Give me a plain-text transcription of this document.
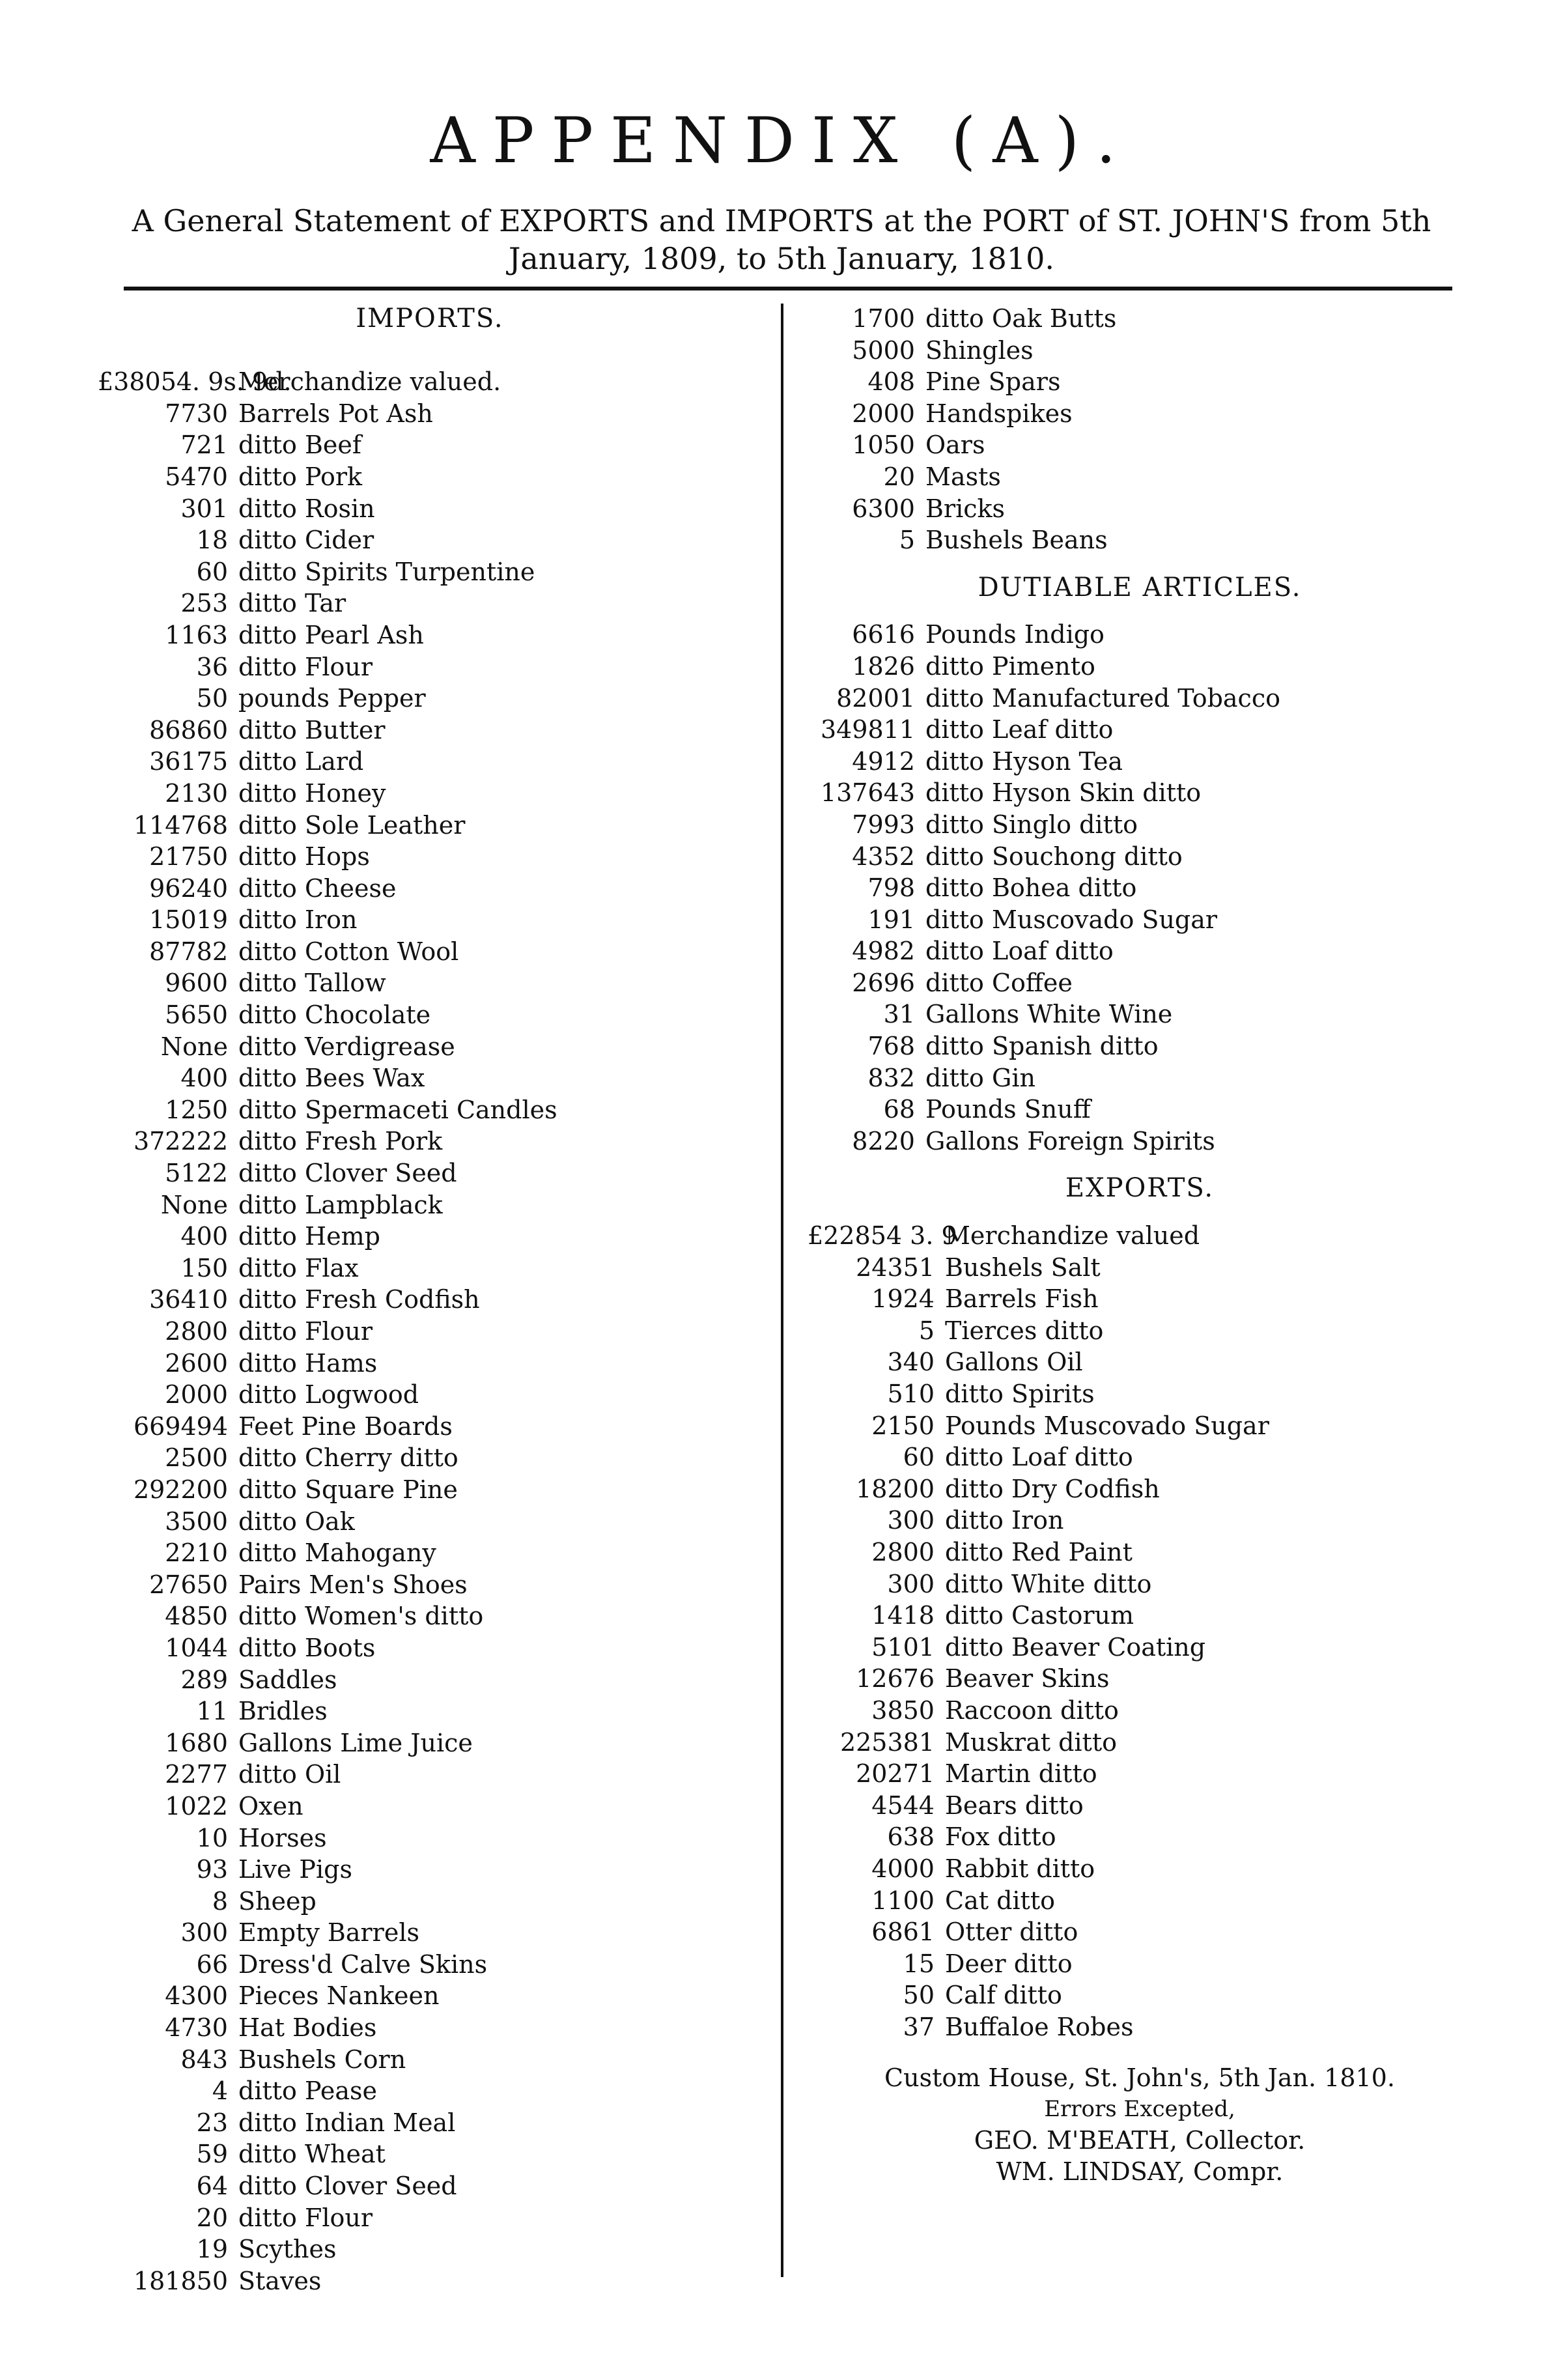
APPENDIX (A).
A General Statement of EXPORTS and IMPORTS at the PORT of ST. JOHN'S from 5th January, 1809, to 5th January, 1810.
IMPORTS.
£38054. 9s. 9d.
Merchandize valued.
7730 Barrels Pot Ash
721 ditto Beef
5470 ditto Pork
301 ditto Rosin
18 ditto Cider
60 ditto Spirits Turpentine
253 ditto Tar
1163 ditto Pearl Ash
36 ditto Flour
50 pounds Pepper
86860 ditto Butter
36175 ditto Lard
2130 ditto Honey
114768 ditto Sole Leather
21750 ditto Hops
96240 ditto Cheese
15019 ditto Iron
87782 ditto Cotton Wool
9600 ditto Tallow
5650 ditto Chocolate
None ditto Verdigrease
400 ditto Bees Wax
1250 ditto Spermaceti Candles
372222 ditto Fresh Pork
5122 ditto Clover Seed
None ditto Lampblack
400 ditto Hemp
150 ditto Flax
36410 ditto Fresh Codfish
2800 ditto Flour
2600 ditto Hams
2000 ditto Logwood
669494 Feet Pine Boards
2500 ditto Cherry ditto
292200 ditto Square Pine
3500 ditto Oak
2210 ditto Mahogany
27650 Pairs Men's Shoes
4850 ditto Women's ditto
1044 ditto Boots
289 Saddles
11 Bridles
1680 Gallons Lime Juice
2277 ditto Oil
1022 Oxen
10 Horses
93 Live Pigs
8 Sheep
300 Empty Barrels
66 Dress'd Calve Skins
4300 Pieces Nankeen
4730 Hat Bodies
843 Bushels Corn
4 ditto Pease
23 ditto Indian Meal
59 ditto Wheat
64 ditto Clover Seed
20 ditto Flour
19 Scythes
181850 Staves
1700 ditto Oak Butts
5000 Shingles
408 Pine Spars
2000 Handspikes
1050 Oars
20 Masts
6300 Bricks
5 Bushels Beans
DUTIABLE ARTICLES.
6616 Pounds Indigo
1826 ditto Pimento
82001 ditto Manufactured Tobacco
349811 ditto Leaf ditto
4912 ditto Hyson Tea
137643 ditto Hyson Skin ditto
7993 ditto Singlo ditto
4352 ditto Souchong ditto
798 ditto Bohea ditto
191 ditto Muscovado Sugar
4982 ditto Loaf ditto
2696 ditto Coffee
31 Gallons White Wine
768 ditto Spanish ditto
832 ditto Gin
68 Pounds Snuff
8220 Gallons Foreign Spirits
EXPORTS.
£22854 3. 9
Merchandize valued
24351 Bushels Salt
1924 Barrels Fish
5 Tierces ditto
340 Gallons Oil
510 ditto Spirits
2150 Pounds Muscovado Sugar
60 ditto Loaf ditto
18200 ditto Dry Codfish
300 ditto Iron
2800 ditto Red Paint
300 ditto White ditto
1418 ditto Castorum
5101 ditto Beaver Coating
12676 Beaver Skins
3850 Raccoon ditto
225381 Muskrat ditto
20271 Martin ditto
4544 Bears ditto
638 Fox ditto
4000 Rabbit ditto
1100 Cat ditto
6861 Otter ditto
15 Deer ditto
50 Calf ditto
37 Buffaloe Robes
Custom House, St. John's, 5th Jan. 1810.
Errors Excepted,
GEO. M'BEATH, Collector.
WM. LINDSAY, Compr.
